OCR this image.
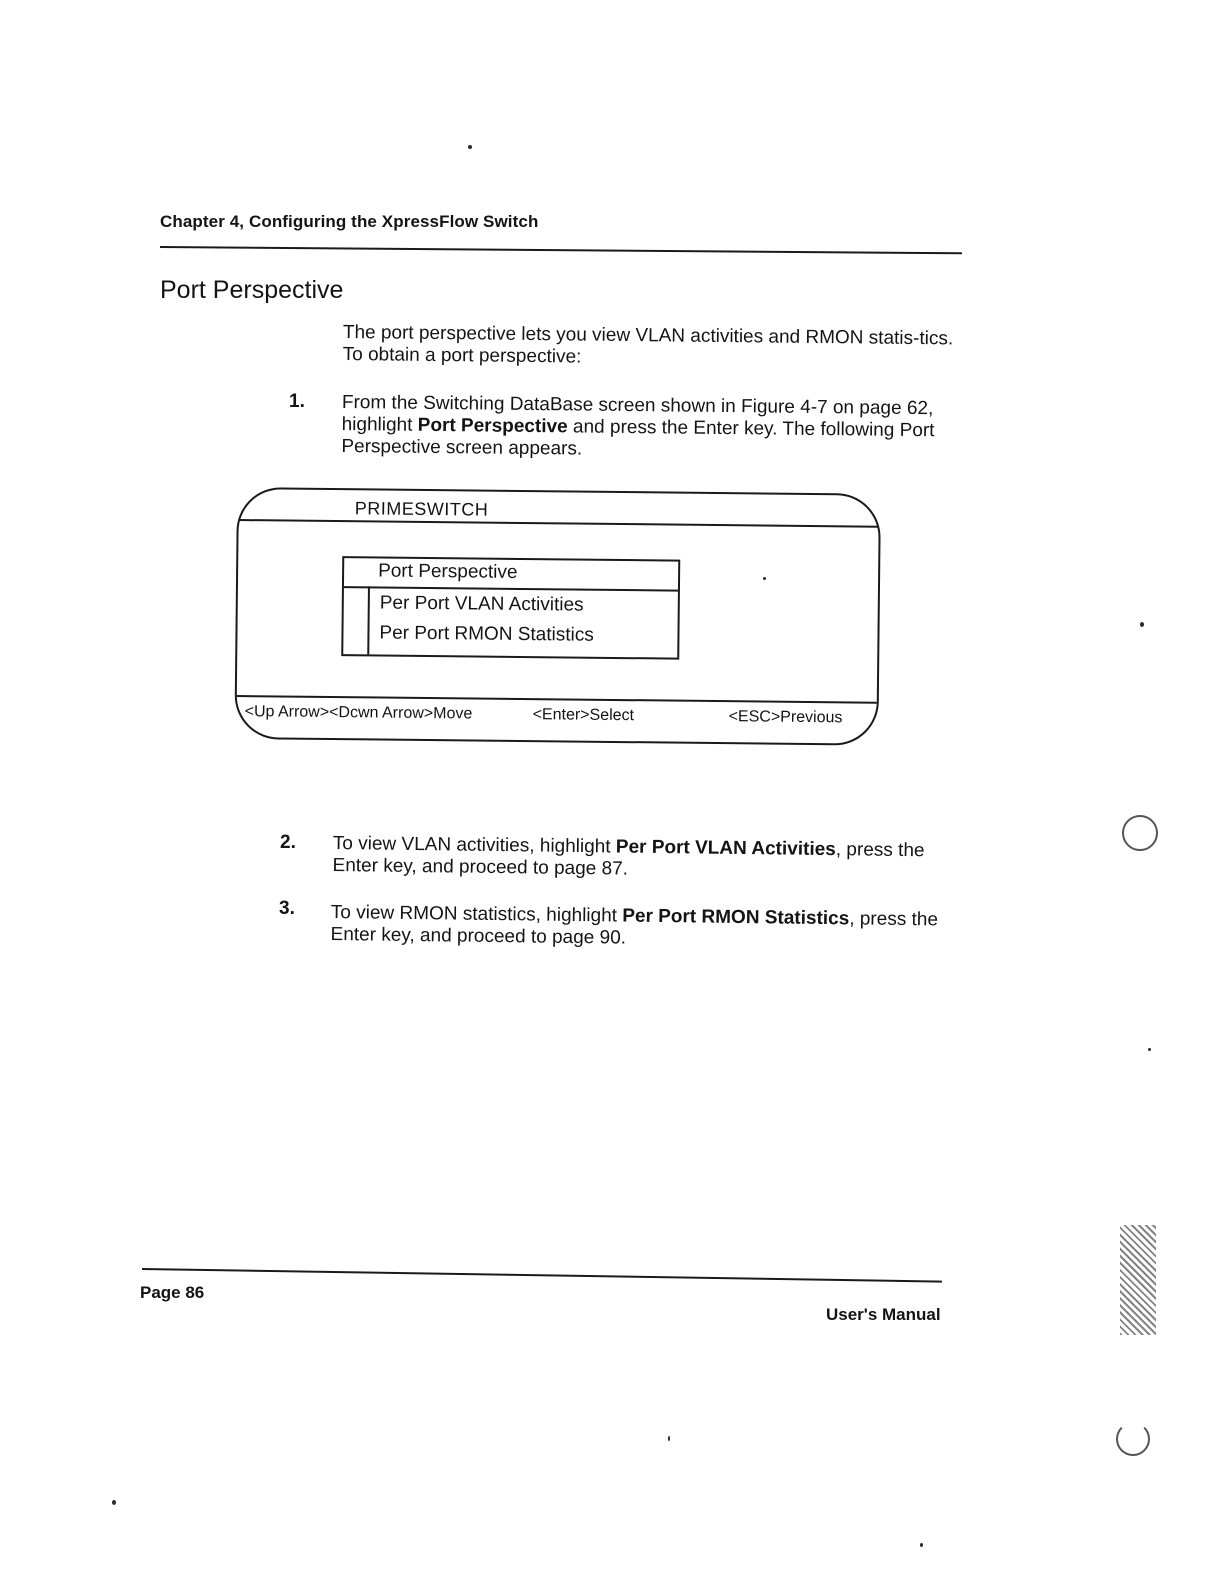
Chapter 4, Configuring the XpressFlow Switch
Port Perspective
The port perspective lets you view VLAN activities and RMON statis-tics. To obtain a port perspective:
1. From the Switching DataBase screen shown in Figure 4-7 on page 62, highlight Port Perspective and press the Enter key. The following Port Perspective screen appears.
PRIMESWITCH
Port Perspective
Per Port VLAN Activities
Per Port RMON Statistics
<Up Arrow><Dcwn Arrow>Move	<Enter>Select	<ESC>Previous
2. To view VLAN activities, highlight Per Port VLAN Activities, press the Enter key, and proceed to page 87.
3. To view RMON statistics, highlight Per Port RMON Statistics, press the Enter key, and proceed to page 90.
Page 86
User's Manual
